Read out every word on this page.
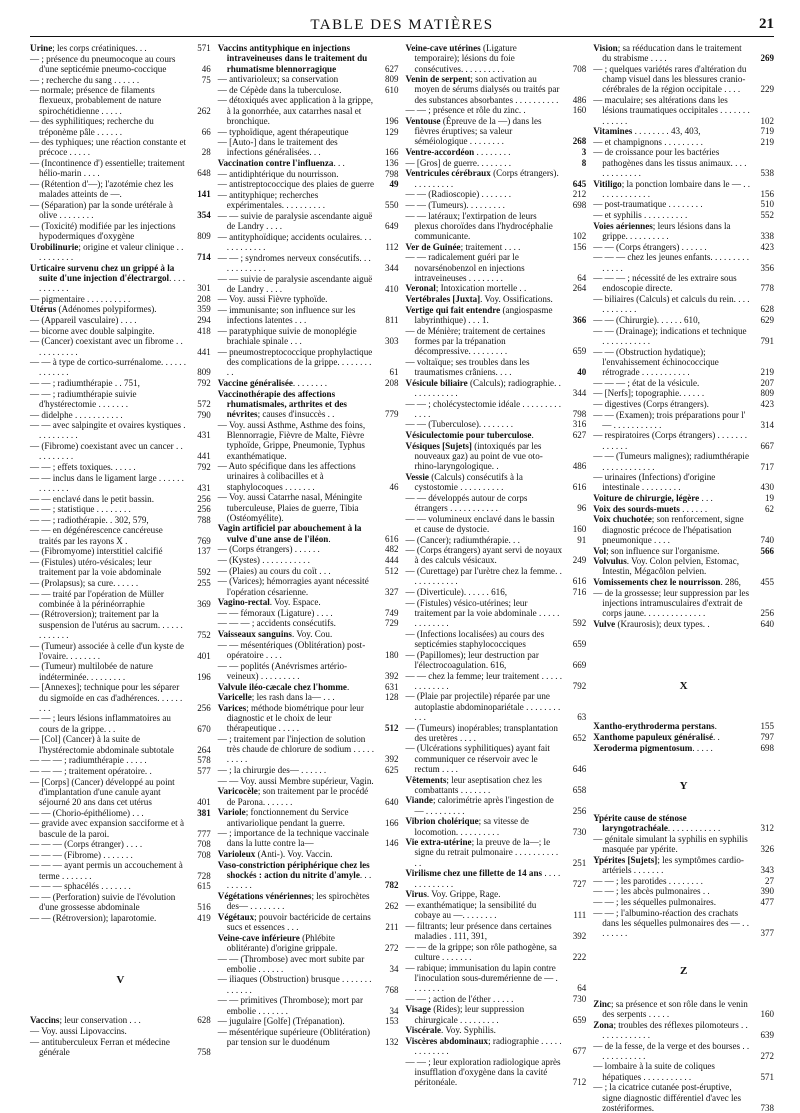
TABLE DES MATIÈRES	21
Urine; les corps créatiniques. . .	571
— ; présence du pneumocoque au cours d'une septicémie pneumo-coccique	46
— ; recherche du sang . . . . . .	75
— normale; présence de filaments flexueux, probablement de nature spirochétidienne . . . . .	262
— des syphilitiques; recherche du tréponème pâle . . . . . .	66
— des typhiques; une réaction constante et précoce . . . . .	28
— (Incontinence d') essentielle; traitement hélio-marin . . . .	648
— (Rétention d'—); l'azotémie chez les malades atteints de —.	141
— (Séparation) par la sonde urétérale à olive . . . . . . . .	354
— (Toxicité) modifiée par les injections hypodermiques d'oxygène	809
Urobilinurie; origine et valeur clinique . . . . . . . . . .	714
Urticaire survenu chez un grippé à la suite d'une injection d'électrargol. . . . . . . . . . .	301
— pigmentaire . . . . . . . . . .	208
Utérus (Adénomes polypiformes).	359
— (Appareil vasculaire) . . . .	294
— bicorne avec double salpingite.	418
— (Cancer) coexistant avec un fibrome . . . . . . . . . . .	441
— — à type de cortico-surrénalome. . . . . . . . . . . . .	809
— — ; radiumthérapie . . 751,	792
— — ; radiumthérapie suivie d'hystérectomie . . . . . . .	572
— didelphe . . . . . . . . . . .	790
— — avec salpingite et ovaires kystiques . . . . . . . . . .	431
— (Fibrome) coexistant avec un cancer . . . . . . . . . .	441
— — ; effets toxiques. . . . . .	792
— — inclus dans le ligament large . . . . . . . . . . . . .	431
— — enclavé dans le petit bassin.	256
— — ; statistique . . . . . . . .	256
— — ; radiothérapie. . 302, 579,	788
— — en dégénérescence cancéreuse traités par les rayons X .	769
— (Fibromyome) interstitiel calcifié	137
— (Fistules) utéro-vésicales; leur traitement par la voie abdominale	592
— (Prolapsus); sa cure. . . . . .	255
— — traité par l'opération de Müller combinée à la périnéorraphie	369
— (Rétroversion); traitement par la suspension de l'utérus au sacrum. . . . . . . . . . . . .	752
— (Tumeur) associée à celle d'un kyste de l'ovaire. . . . . . . .	401
— (Tumeur) multilobée de nature indéterminée. . . . . . . . .	196
— [Annexes]; technique pour les séparer du sigmoïde en cas d'adhérences. . . . . . . . .	256
— — ; leurs lésions inflammatoires au cours de la grippe. . .	670
— [Col] (Cancer) à la suite de l'hystérectomie abdominale subtotale	264
— — — ; radiumthérapie . . . . .	578
— — — ; traitement opératoire. .	577
— [Corps] (Cancer) développé au point d'implantation d'une canule ayant séjourné 20 ans dans cet utérus	401
— — (Chorio-épithéliome) . . .	381
— gravide avec expansion sacciforme et à bascule de la paroi.	777
— — — (Corps étranger) . . . .	708
— — — (Fibrome) . . . . . . .	708
— — — ayant permis un accouchement à terme . . . . . . .	728
— — — sphacélés . . . . . . .	615
— — (Perforation) suivie de l'évolution d'une grossesse abdominale	516
— — (Rétroversion); laparotomie.	419
V
Vaccins; leur conservation . . .	628
— Voy. aussi Lipovaccins.
— antituberculeux Ferran et médecine générale	758
Vaccins antityphique en injections intraveineuses dans le traitement du rhumatisme blennorragique	627
— antivarioleux; sa conservation	809
— de Cépède dans la tuberculose.	610
— détoxiqués avec application à la grippe, à la gonorrhée, aux catarrhes nasal et bronchique.	196
— typhoïdique, agent thérapeutique	129
— [Auto-] dans le traitement des infections généralisées. . .	166
Vaccination contre l'influenza. . .	136
— antidiphtérique du nourrisson.	798
— antistreptococcique des plaies de guerre	49
— antityphique; recherches expérimentales. . . . . . . . . .	550
— — suivie de paralysie ascendante aiguë de Landry . . . .	649
— antityphoïdique; accidents oculaires. . . . . . . . . . . .	112
— — ; syndromes nerveux consécutifs. . . . . . . . . . . .	344
— — suivie de paralysie ascendante aiguë de Landry . . . .	410
— Voy. aussi Fièvre typhoïde.
— immunisante; son influence sur les infections latentes . . .	811
— paratyphique suivie de monoplégie brachiale spinale . . .	303
— pneumostreptococcique prophylactique des complications de la grippe. . . . . . . . . .	61
Vaccine généralisée. . . . . . . .	208
Vaccinothérapie des affections rhumatismales, arthrites et des névrites; causes d'insuccès . .	779
— Voy. aussi Asthme, Asthme des foins, Blennorragie, Fièvre de Malte, Fièvre typhoïde, Grippe, Pneumonie, Typhus exanthématique.
— Auto spécifique dans les affections urinaires à colibacilles et à staphylocoques . . . . . . .	46
— Voy. aussi Catarrhe nasal, Méningite tuberculeuse, Plaies de guerre, Tibia (Ostéomyélite).
Vagin artificiel par abouchement à la vulve d'une anse de l'iléon.	616
— (Corps étrangers) . . . . . .	482
— (Kystes) . . . . . . . . . . .	444
— (Plaies) au cours du coït . . .	512
— (Varices); hémorragies ayant nécessité l'opération césarienne.	327
Vagino-rectal. Voy. Espace.
— — fémoraux (Ligature) . . . .	749
— — — ; accidents consécutifs.	729
Vaisseaux sanguins. Voy. Cou.
— — mésentériques (Oblitération) post-opératoire . . . .	180
— — poplités (Anévrismes artério-veineux) . . . . . . . . .	392
Valvule iléo-cæcale chez l'homme.	631
Varicelle; les rash dans la— . . .	128
Varices; méthode biométrique pour leur diagnostic et le choix de leur thérapeutique . . . . .	512
— ; traitement par l'injection de solution très chaude de chlorure de sodium . . . . . . . . . .	392
— ; la chirurgie des— . . . . . .	625
— — Voy. aussi Membre supérieur, Vagin.
Varicocèle; son traitement par le procédé de Parona. . . . . . .	640
Variole; fonctionnement du Service antivariolique pendant la guerre.	166
— ; importance de la technique vaccinale dans la lutte contre la—	146
Varioleux (Anti-). Voy. Vaccin.
Vaso-constriction périphérique chez les shockés : action du nitrite d'amyle. . . . . . . . .	782
Végétations vénériennes; les spirochètes des— . . . . . . . .	262
Végétaux; pouvoir bactéricide de certains sucs et essences . . .	211
Veine-cave inférieure (Phlébite oblitérante) d'origine grippale.	272
— — (Thrombose) avec mort subite par embolie . . . . . .	34
— iliaques (Obstruction) brusque . . . . . . . . . . . . .	768
— — primitives (Thrombose); mort par embolie . . . . . . .	34
— jugulaire [Golfe] (Trépanation).	153
— mésentérique supérieure (Oblitération) par tension sur le duodénum	132
Veine-cave utérines (Ligature temporaire); lésions du foie consécutives. . . . . . . . . .	708
Venin de serpent; son activation au moyen de sérums dialysés ou traités par des substances absorbantes . . . . . . . . . .	486
— — ; présence et rôle du zinc. .	160
Ventouse (Épreuve de la —) dans les fièvres éruptives; sa valeur séméiologique . . . . . . . .	268
Ventre-accordéon . . . . . . . .	3
— [Gros] de guerre. . . . . . . .	8
Ventricules cérébraux (Corps étrangers). . . . . . . . . .	645
— — (Radioscopie) . . . . . . .	212
— — (Tumeurs). . . . . . . . .	698
— — latéraux; l'extirpation de leurs plexus choroïdes dans l'hydrocéphalie communicante.	102
Ver de Guinée; traitement . . . .	156
— — radicalement guéri par le novarsénobenzol en injections intraveineuses . . . . . . . .	64
Veronal; Intoxication mortelle . .	264
Vertébrales [Juxta]. Voy. Ossifications.
Vertige qui fait entendre (angiospasme labyrinthique) . . . 1.	366
— de Ménière; traitement de certaines formes par la trépanation décompressive. . . . . . . . .	659
— voltaïque; ses troubles dans les traumatismes crâniens. . . .	40
Vésicule biliaire (Calculs); radiographie. . . . . . . . . . . .	344
— — ; cholécystectomie idéale . . . . . . . . . . . . .	798
— — (Tuberculose). . . . . . . .	316
Vésiculectomie pour tuberculose.	627
Vésiques [Sujets] (intoxiqués par les nouveaux gaz) au point de vue oto-rhino-laryngologique. .	486
Vessie (Calculs) consécutifs à la cystostomie . . . . . . . . . .	616
— — développés autour de corps étrangers . . . . . . . . . . .	96
— — volumineux enclavé dans le bassin et cause de dystocie.	160
— (Cancer); radiumthérapie. . .	91
— (Corps étrangers) ayant servi de noyaux à des calculs vésicaux.	249
— (Curettage) par l'urètre chez la femme. . . . . . . . . . . .	616
— (Diverticule). . . . . . 616,	716
— (Fistules) vésico-utérines; leur traitement par la voie abdominale . . . . . . . . . . . . .	592
— (Infections localisées) au cours des septicémies staphylococciques	659
— (Papillomes); leur destruction par l'électrocoagulation. 616,	669
— — chez la femme; leur traitement . . . . . . . . . . . . .	792
— (Plaie par projectile) réparée par une autoplastie abdominopariétale . . . . . . . . . . .	63
— (Tumeurs) inopérables; transplantation des uretères . . . .	652
— (Ulcérations syphilitiques) ayant fait communiquer ce réservoir avec le rectum . . . .	646
Vêtements; leur aseptisation chez les combattants . . . . . . .	658
Viande; calorimétrie après l'ingestion de — . . . . . . . . .	256
Vibrion cholérique; sa vitesse de locomotion. . . . . . . . . .	730
Vie extra-utérine; la preuve de la—; le signe du retrait pulmonaire . . . . . . . . . . . .	251
Virilisme chez une fillette de 14 ans . . . . . . . . . . . . .	727
Virus. Voy. Grippe, Rage.
— exanthématique; la sensibilité du cobaye au —. . . . . . . .	111
— filtrants; leur présence dans certaines maladies . 111, 391,	392
— — de la grippe; son rôle pathogène, sa culture . . . . . . .	222
— rabique; immunisation du lapin contre l'inoculation sous-duremérienne de — . . . . . . . .	64
— — ; action de l'éther . . . . .	730
Visage (Rides); leur suppression chirurgicale . . . . . . . . .	659
Viscérale. Voy. Syphilis.
Viscères abdominaux; radiographie . . . . . . . . . . . . .	677
— — ; leur exploration radiologique après insufflation d'oxygène dans la cavité péritonéale.	712
Vision; sa rééducation dans le traitement du strabisme . . . .	269
— ; quelques variétés rares d'altération du champ visuel dans les blessures cranio-cérébrales de la région occipitale . . . .	229
— maculaire; ses altérations dans les lésions traumatiques occipitales . . . . . . . . . . . . .	102
Vitamines . . . . . . . . 43, 403,	719
— et champignons . . . . . . . . .	219
— de croissance pour les bactéries pathogènes dans les tissus animaux. . . . . . . . . . . . .	538
Vitiligo; la ponction lombaire dans le — . . . . . . . . . . . . .	156
— post-traumatique . . . . . . . .	510
— et syphilis . . . . . . . . . .	552
Voies aériennes; leurs lésions dans la grippe. . . . . . . . . .	338
— — (Corps étrangers) . . . . . .	423
— — — chez les jeunes enfants. . . . . . . . . . . . . .	356
— — — ; nécessité de les extraire sous endoscopie directe.	778
— biliaires (Calculs) et calculs du rein. . . . . . . . . . . .	628
— — (Chirurgie). . . . . . 610,	629
— — (Drainage); indications et technique . . . . . . . . . . .	791
— — (Obstruction hydatique); l'envahissement échinococcique rétrograde . . . . . . . . . . .	219
— — — ; état de la vésicule.	207
— [Nerfs]; topographie. . . . . .	809
— digestives (Corps étrangers).	423
— — (Examen); trois préparations pour l' — . . . . . . . . . . .	314
— respiratoires (Corps étrangers) . . . . . . . . . . . . .	667
— — (Tumeurs malignes); radiumthérapie . . . . . . . . . . . .	717
— urinaires (Infections) d'origine intestinale . . . . . . . . .	430
Voiture de chirurgie, légère . . .	19
Voix des sourds-muets . . . . . .	62
Voix chuchotée; son renforcement, signe diagnostic précoce de l'hépatisation pneumonique . . . .	740
Vol; son influence sur l'organisme.	566
Volvulus. Voy. Colon pelvien, Estomac, Intestin, Mégacôlon pelvien.
Vomissements chez le nourrisson. 286,	455
— de la grossesse; leur suppression par les injections intramusculaires d'extrait de corps jaune. . . . . . . . . . . . . .	256
Vulve (Kraurosis); deux types. .	640
X
Xantho-erythroderma perstans.	155
Xanthome papuleux généralisé. .	797
Xeroderma pigmentosum. . . . .	698
Y
Ypérite cause de sténose laryngotrachéale. . . . . . . . . . . .	312
— génitale simulant la syphilis en syphilis masquée par ypérite.	326
Ypérites [Sujets]; les symptômes cardio-artériels . . . . . . .	343
— — ; les parotides . . . . . . . .	27
— — ; les abcès pulmonaires . .	390
— — ; les séquelles pulmonaires.	477
— — ; l'albumino-réaction des crachats dans les séquelles pulmonaires des — . . . . . . . .	377
Z
Zinc; sa présence et son rôle dans le venin des serpents . . . . .	160
Zona; troubles des réflexes pilomoteurs . . . . . . . . . . . . .	639
— de la fesse, de la verge et des bourses . . . . . . . . . . . .	272
— lombaire à la suite de coliques hépatiques . . . . . . . . . . .	571
— ; la cicatrice cutanée post-éruptive, signe diagnostic différentiel d'avec les zostériformes.	738
